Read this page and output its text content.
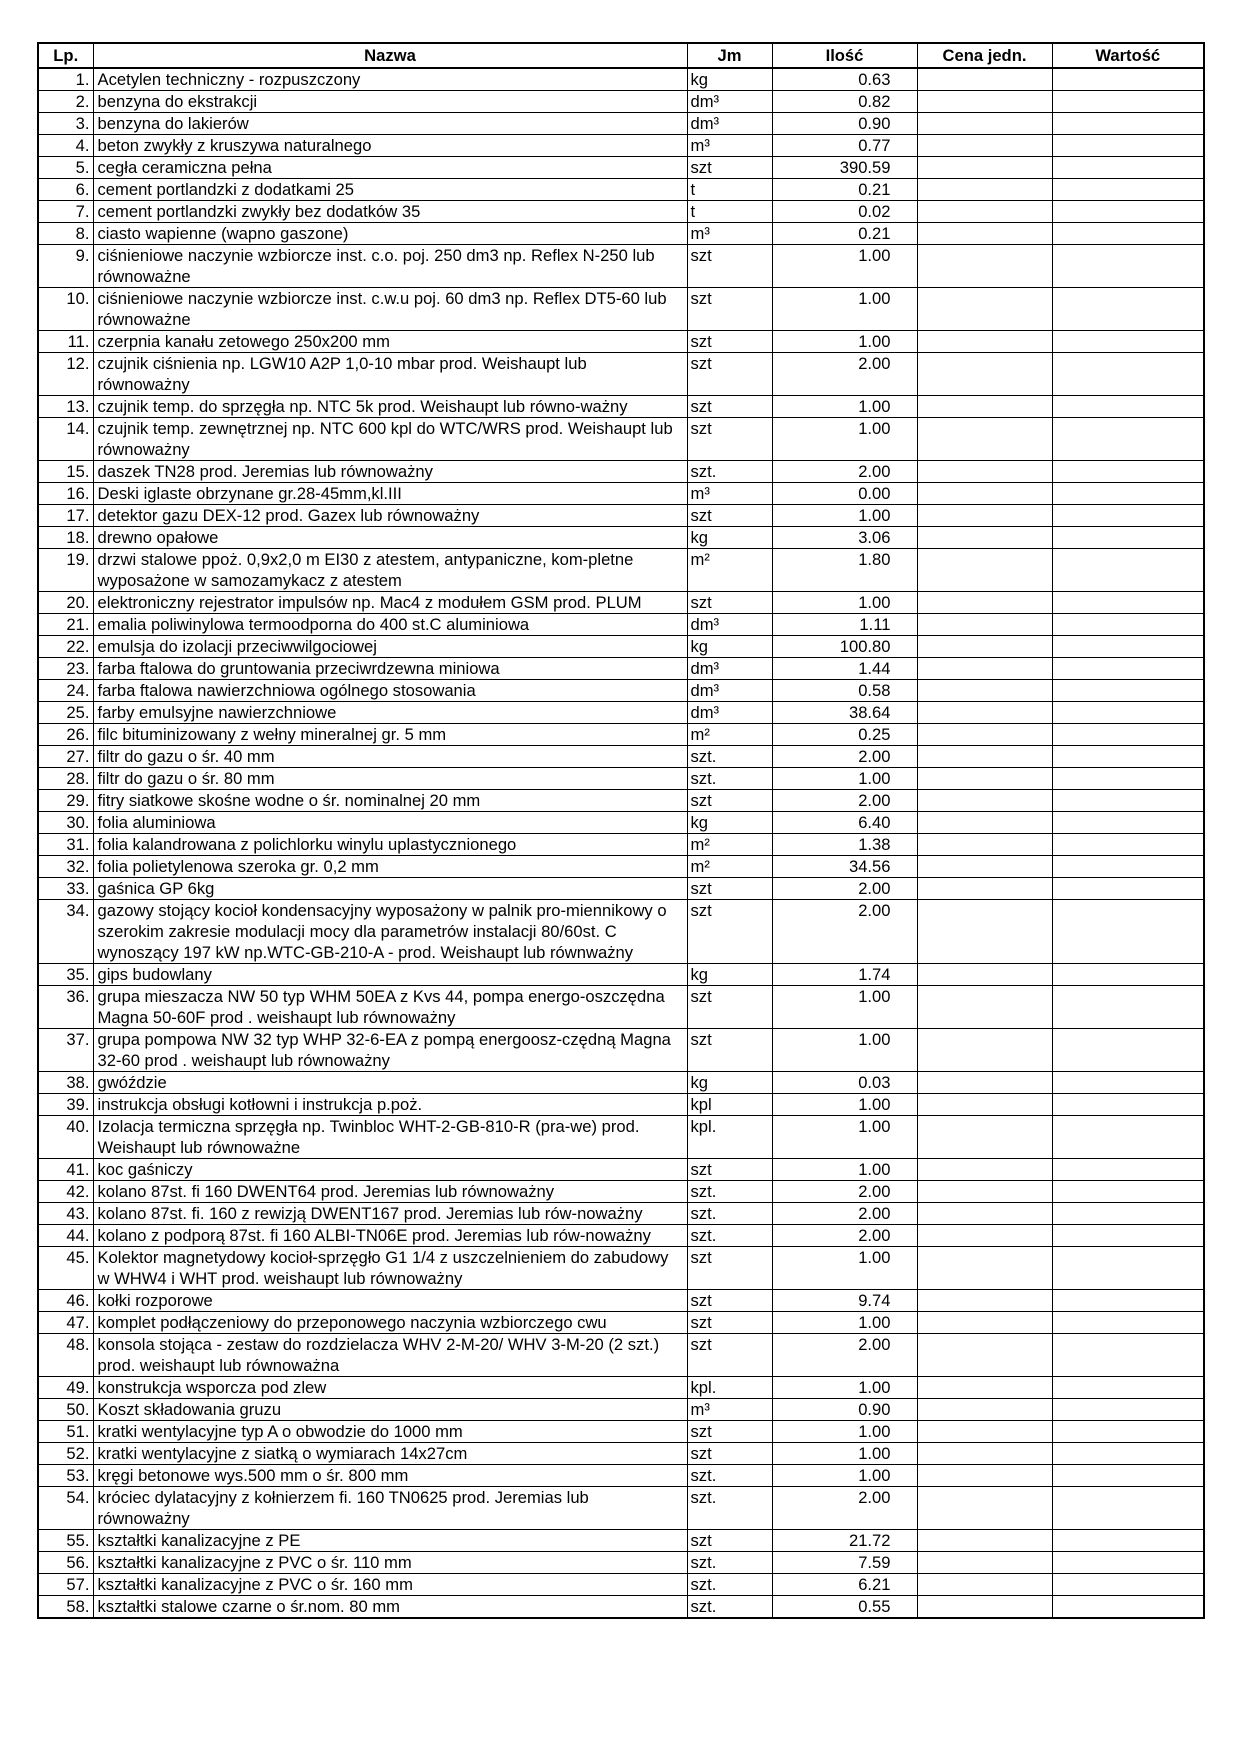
Lp.	Nazwa	Jm	Ilość	Cena jedn.	Wartość
1.	Acetylen techniczny - rozpuszczony	kg	0.63		
2.	benzyna do ekstrakcji	dm³	0.82		
3.	benzyna do lakierów	dm³	0.90		
4.	beton zwykły z kruszywa naturalnego	m³	0.77		
5.	cegła ceramiczna pełna	szt	390.59		
6.	cement portlandzki z dodatkami 25	t	0.21		
7.	cement portlandzki zwykły bez dodatków 35	t	0.02		
8.	ciasto wapienne (wapno gaszone)	m³	0.21		
9.	ciśnieniowe naczynie wzbiorcze inst. c.o. poj. 250 dm3 np. Reflex N-250 lub równoważne	szt	1.00		
10.	ciśnieniowe naczynie wzbiorcze inst. c.w.u poj. 60 dm3 np. Reflex DT5-60 lub równoważne	szt	1.00		
11.	czerpnia kanału zetowego 250x200 mm	szt	1.00		
12.	czujnik ciśnienia np. LGW10 A2P 1,0-10 mbar prod. Weishaupt lub równoważny	szt	2.00		
13.	czujnik temp. do sprzęgła np. NTC 5k prod. Weishaupt lub równo-ważny	szt	1.00		
14.	czujnik temp. zewnętrznej np. NTC 600 kpl do WTC/WRS prod. Weishaupt lub równoważny	szt	1.00		
15.	daszek TN28 prod. Jeremias lub równoważny	szt.	2.00		
16.	Deski iglaste obrzynane gr.28-45mm,kl.III	m³	0.00		
17.	detektor gazu DEX-12 prod. Gazex lub równoważny	szt	1.00		
18.	drewno opałowe	kg	3.06		
19.	drzwi stalowe ppoż. 0,9x2,0 m EI30 z atestem, antypaniczne, kom-pletne wyposażone w samozamykacz z atestem	m²	1.80		
20.	elektroniczny rejestrator impulsów np. Mac4 z modułem GSM prod. PLUM	szt	1.00		
21.	emalia poliwinylowa termoodporna do 400 st.C aluminiowa	dm³	1.11		
22.	emulsja do izolacji przeciwwilgociowej	kg	100.80		
23.	farba ftalowa do gruntowania przeciwrdzewna miniowa	dm³	1.44		
24.	farba ftalowa nawierzchniowa ogólnego stosowania	dm³	0.58		
25.	farby emulsyjne nawierzchniowe	dm³	38.64		
26.	filc bituminizowany z wełny mineralnej gr. 5 mm	m²	0.25		
27.	filtr do gazu o śr. 40 mm	szt.	2.00		
28.	filtr do gazu o śr. 80 mm	szt.	1.00		
29.	fitry siatkowe skośne wodne o śr. nominalnej 20 mm	szt	2.00		
30.	folia aluminiowa	kg	6.40		
31.	folia kalandrowana z polichlorku winylu uplastycznionego	m²	1.38		
32.	folia polietylenowa szeroka gr. 0,2 mm	m²	34.56		
33.	gaśnica GP 6kg	szt	2.00		
34.	gazowy stojący kocioł kondensacyjny wyposażony w palnik pro-miennikowy o szerokim zakresie modulacji mocy dla parametrów instalacji 80/60st. C wynoszący 197 kW np.WTC-GB-210-A - prod. Weishaupt lub równważny	szt	2.00		
35.	gips budowlany	kg	1.74		
36.	grupa mieszacza NW 50 typ WHM 50EA z Kvs 44, pompa energo-oszczędna Magna 50-60F prod . weishaupt lub równoważny	szt	1.00		
37.	grupa pompowa NW 32 typ WHP 32-6-EA z pompą energoosz-czędną Magna 32-60 prod . weishaupt lub równoważny	szt	1.00		
38.	gwóździe	kg	0.03		
39.	instrukcja obsługi kotłowni i instrukcja p.poż.	kpl	1.00		
40.	Izolacja termiczna sprzęgła np. Twinbloc WHT-2-GB-810-R (pra-we) prod. Weishaupt lub równoważne	kpl.	1.00		
41.	koc gaśniczy	szt	1.00		
42.	kolano 87st. fi 160 DWENT64 prod. Jeremias lub równoważny	szt.	2.00		
43.	kolano 87st. fi. 160 z rewizją DWENT167 prod. Jeremias lub rów-noważny	szt.	2.00		
44.	kolano z podporą 87st. fi 160 ALBI-TN06E prod. Jeremias lub rów-noważny	szt.	2.00		
45.	Kolektor magnetydowy kocioł-sprzęgło G1 1/4 z uszczelnieniem do zabudowy w WHW4 i WHT prod. weishaupt lub równoważny	szt	1.00		
46.	kołki rozporowe	szt	9.74		
47.	komplet podłączeniowy do przeponowego naczynia wzbiorczego cwu	szt	1.00		
48.	konsola stojąca - zestaw do rozdzielacza WHV 2-M-20/ WHV 3-M-20 (2 szt.) prod. weishaupt lub równoważna	szt	2.00		
49.	konstrukcja wsporcza pod zlew	kpl.	1.00		
50.	Koszt składowania gruzu	m³	0.90		
51.	kratki wentylacyjne typ A o obwodzie do 1000 mm	szt	1.00		
52.	kratki wentylacyjne z siatką o wymiarach 14x27cm	szt	1.00		
53.	kręgi betonowe wys.500 mm o śr. 800 mm	szt.	1.00		
54.	króciec dylatacyjny z kołnierzem fi. 160 TN0625 prod. Jeremias lub równoważny	szt.	2.00		
55.	kształtki kanalizacyjne z PE	szt	21.72		
56.	kształtki kanalizacyjne z PVC o śr. 110 mm	szt.	7.59		
57.	kształtki kanalizacyjne z PVC o śr. 160 mm	szt.	6.21		
58.	kształtki stalowe czarne o śr.nom. 80 mm	szt.	0.55		
